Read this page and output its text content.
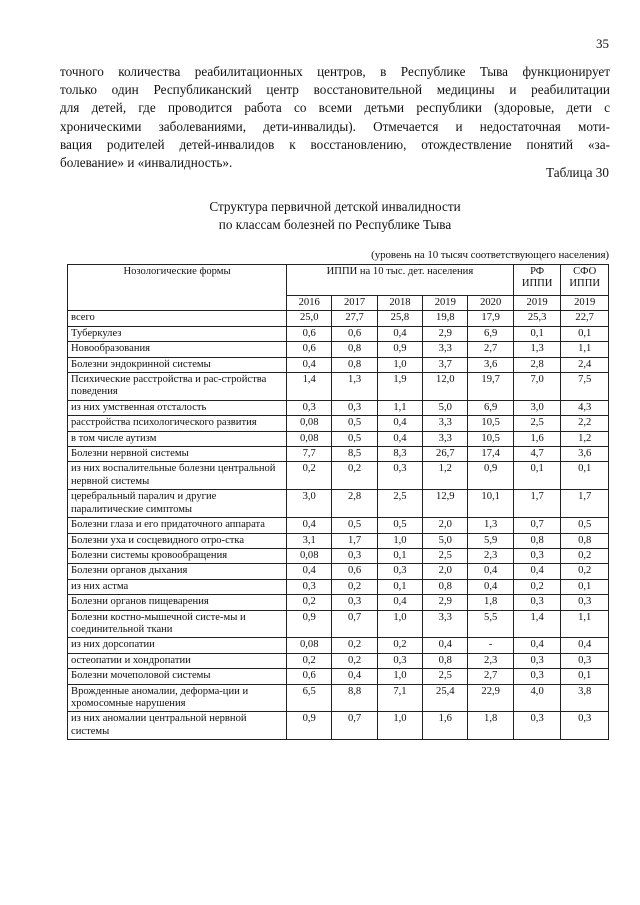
35
точного количества реабилитационных центров, в Республике Тыва функционирует
только один Республиканский центр восстановительной медицины и реабилитации
для детей, где проводится работа со всеми детьми республики (здоровые, дети с
хроническими заболеваниями, дети-инвалиды). Отмечается и недостаточная моти-
вация родителей детей-инвалидов к восстановлению, отождествление понятий «за-
болевание» и «инвалидность».
Таблица 30
Структура первичной детской инвалидности
по классам болезней по Республике Тыва
(уровень на 10 тысяч соответствующего населения)
Нозологические формы	ИППИ на 10 тыс. дет. населения					РФ ИППИ	СФО ИППИ
	2016	2017	2018	2019	2020	2019	2019
всего	25,0	27,7	25,8	19,8	17,9	25,3	22,7
Туберкулез	0,6	0,6	0,4	2,9	6,9	0,1	0,1
Новообразования	0,6	0,8	0,9	3,3	2,7	1,3	1,1
Болезни эндокринной системы	0,4	0,8	1,0	3,7	3,6	2,8	2,4
Психические расстройства и рас-стройства поведения	1,4	1,3	1,9	12,0	19,7	7,0	7,5
из них умственная отсталость	0,3	0,3	1,1	5,0	6,9	3,0	4,3
расстройства психологического развития	0,08	0,5	0,4	3,3	10,5	2,5	2,2
в том числе аутизм	0,08	0,5	0,4	3,3	10,5	1,6	1,2
Болезни нервной системы	7,7	8,5	8,3	26,7	17,4	4,7	3,6
из них воспалительные болезни центральной нервной системы	0,2	0,2	0,3	1,2	0,9	0,1	0,1
церебральный паралич и другие паралитические симптомы	3,0	2,8	2,5	12,9	10,1	1,7	1,7
Болезни глаза и его придаточного аппарата	0,4	0,5	0,5	2,0	1,3	0,7	0,5
Болезни уха и сосцевидного отро-стка	3,1	1,7	1,0	5,0	5,9	0,8	0,8
Болезни системы кровообращения	0,08	0,3	0,1	2,5	2,3	0,3	0,2
Болезни органов дыхания	0,4	0,6	0,3	2,0	0,4	0,4	0,2
из них астма	0,3	0,2	0,1	0,8	0,4	0,2	0,1
Болезни органов пищеварения	0,2	0,3	0,4	2,9	1,8	0,3	0,3
Болезни костно-мышечной систе-мы и соединительной ткани	0,9	0,7	1,0	3,3	5,5	1,4	1,1
из них дорсопатии	0,08	0,2	0,2	0,4	-	0,4	0,4
остеопатии и хондропатии	0,2	0,2	0,3	0,8	2,3	0,3	0,3
Болезни мочеполовой системы	0,6	0,4	1,0	2,5	2,7	0,3	0,1
Врожденные аномалии, деформа-ции и хромосомные нарушения	6,5	8,8	7,1	25,4	22,9	4,0	3,8
из них аномалии центральной нервной системы	0,9	0,7	1,0	1,6	1,8	0,3	0,3
